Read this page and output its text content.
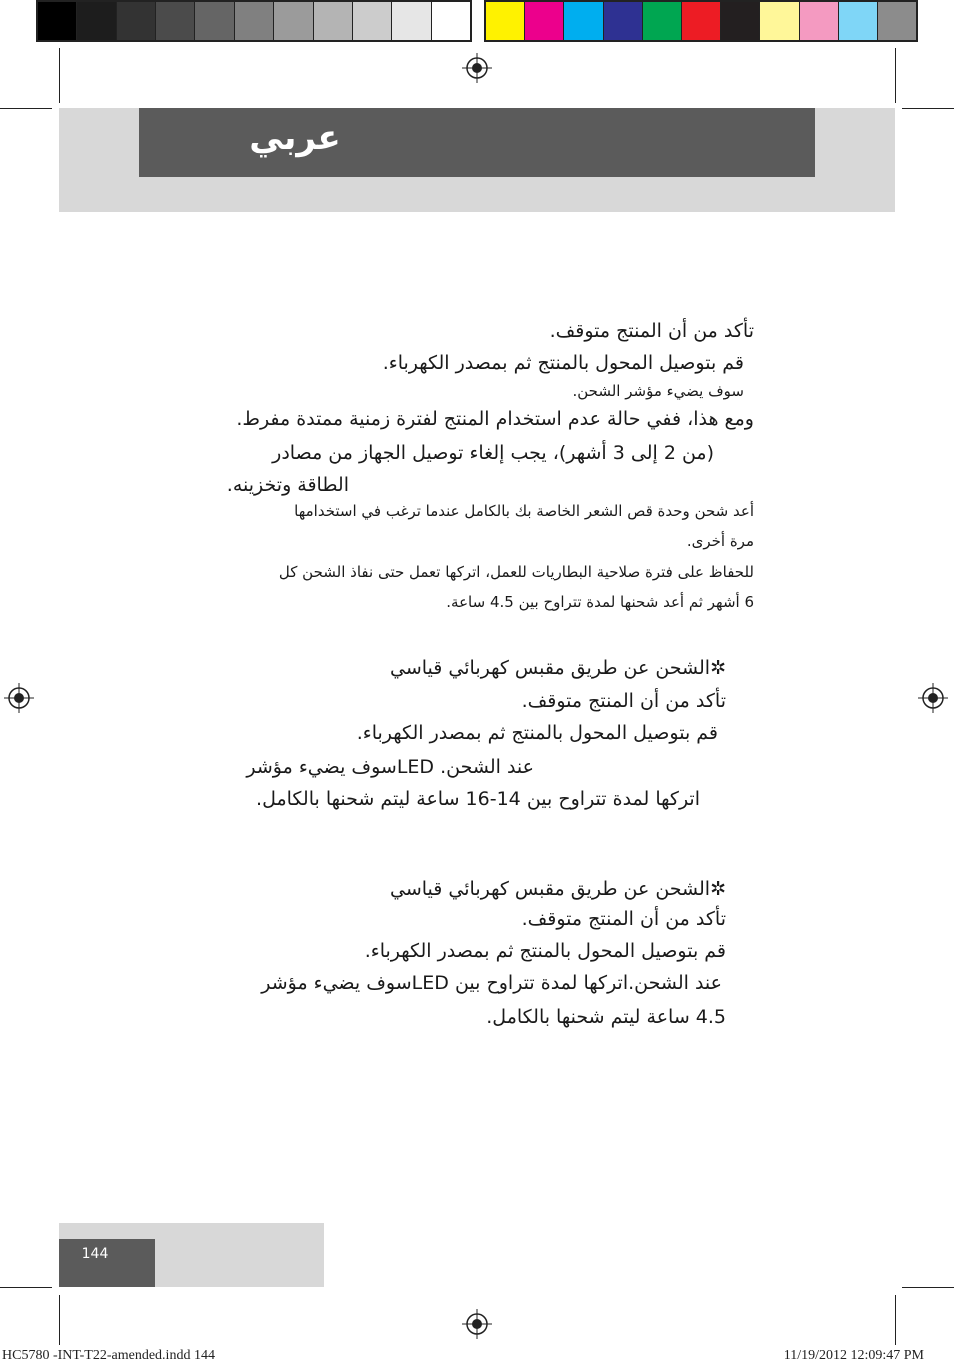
عربي
تأكد من أن المنتج متوقف.
قم بتوصيل المحول بالمنتج ثم بمصدر الكهرباء.
سوف يضيء مؤشر الشحن.
ومع هذا، ففي حالة عدم استخدام المنتج لفترة زمنية ممتدة مفرط.
(من 2 إلى 3 أشهر)، يجب إلغاء توصيل الجهاز من مصادر
الطاقة وتخزينه.
أعد شحن وحدة قص الشعر الخاصة بك بالكامل عندما ترغب في استخدامها
مرة أخرى.
للحفاظ على فترة صلاحية البطاريات للعمل، اتركها تعمل حتى نفاذ الشحن كل
6 أشهر ثم أعد شحنها لمدة تتراوح بين 4.5 ساعة.
✲الشحن عن طريق مقبس كهربائي قياسي
تأكد من أن المنتج متوقف.
قم بتوصيل المحول بالمنتج ثم بمصدر الكهرباء.
عند الشحن. LEDسوف يضيء مؤشر
اتركها لمدة تتراوح بين 14-16 ساعة ليتم شحنها بالكامل.
✲الشحن عن طريق مقبس كهربائي قياسي
تأكد من أن المنتج متوقف.
قم بتوصيل المحول بالمنتج ثم بمصدر الكهرباء.
عند الشحن.اتركها لمدة تتراوح بين LEDسوف يضيء مؤشر
4.5 ساعة ليتم شحنها بالكامل.
144
HC5780 -INT-T22-amended.indd 144	11/19/2012 12:09:47 PM
